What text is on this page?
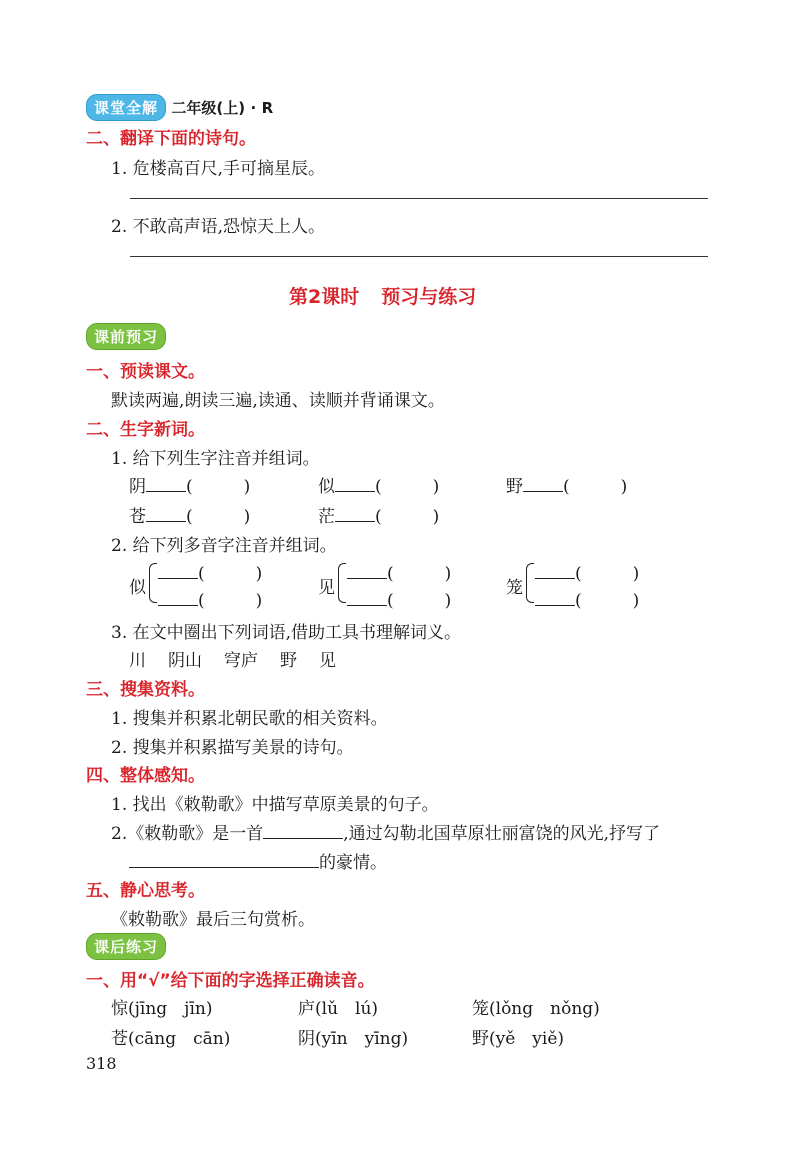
课堂全解 二年级(上) · R
二、翻译下面的诗句。
1. 危楼高百尺,手可摘星辰。
2. 不敢高声语,恐惊天上人。
第2课时 预习与练习
课前预习
一、预读课文。
默读两遍,朗读三遍,读通、读顺并背诵课文。
二、生字新词。
1. 给下列生字注音并组词。
阴 (　　　)	似 (　　　)	野 (　　　)
苍 (　　　)	茫 (　　　)
2. 给下列多音字注音并组词。
似
(　　　)
(　　　)
见
(　　　)
(　　　)
笼
(　　　)
(　　　)
3. 在文中圈出下列词语,借助工具书理解词义。
川 阴山 穹庐 野 见
三、搜集资料。
1. 搜集并积累北朝民歌的相关资料。
2. 搜集并积累描写美景的诗句。
四、整体感知。
1. 找出《敕勒歌》中描写草原美景的句子。
2.《敕勒歌》是一首	,通过勾勒北国草原壮丽富饶的风光,抒写了
的豪情。
五、静心思考。
《敕勒歌》最后三句赏析。
课后练习
一、用“√”给下面的字选择正确读音。
惊(jīng　jīn)	庐(lǔ　lú)	笼(lǒng　nǒng)
苍(cāng　cān)	阴(yīn　yīng)	野(yě　yiě)
318
